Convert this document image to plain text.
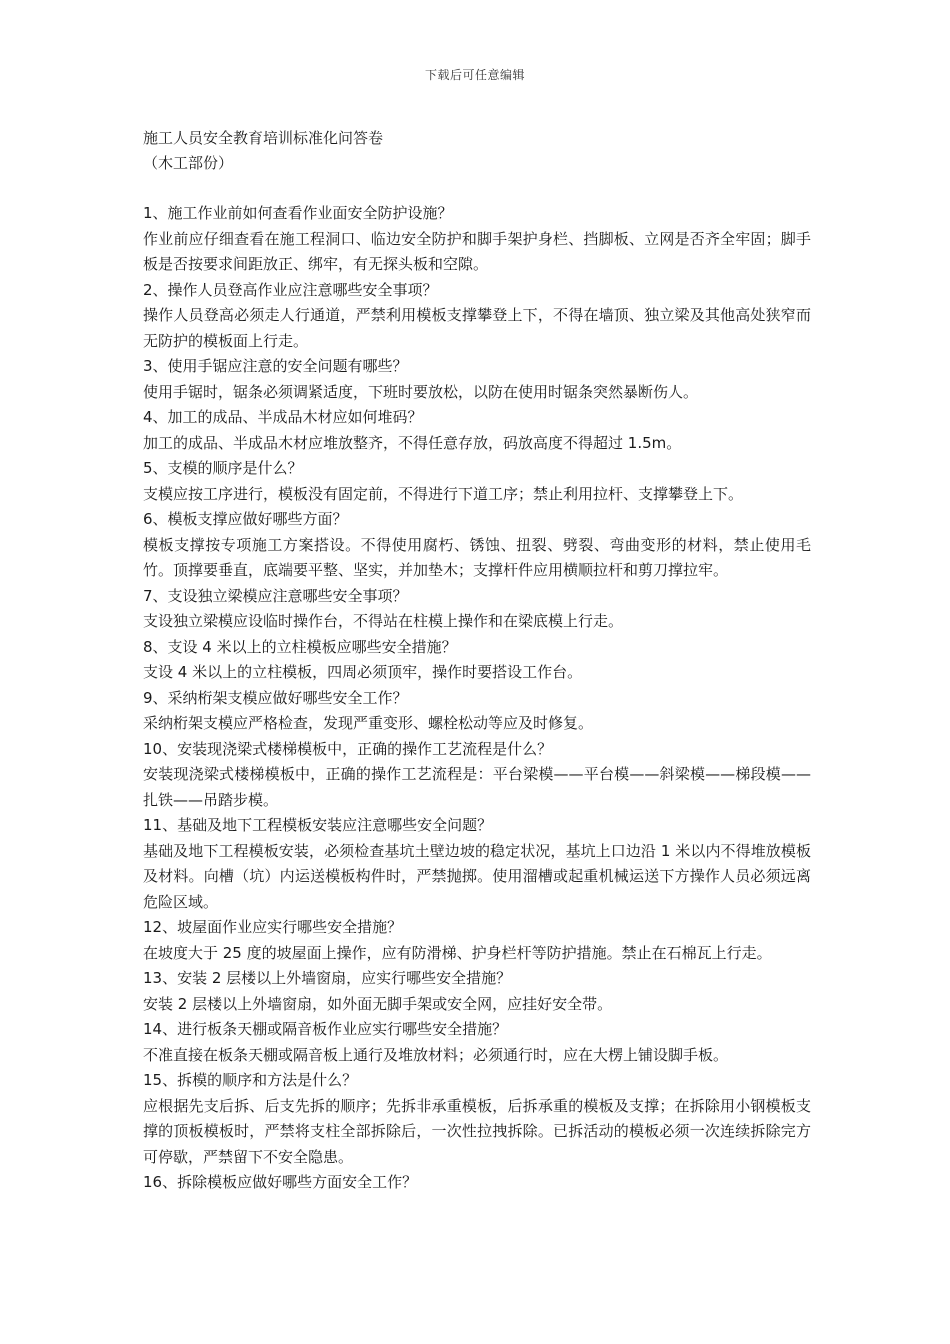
下载后可任意编辑

施工人员安全教育培训标准化问答卷

（木工部份）

1、施工作业前如何查看作业面安全防护设施？

作业前应仔细查看在施工程洞口、临边安全防护和脚手架护身栏、挡脚板、立网是否齐全牢固；脚手板是否按要求间距放正、绑牢，有无探头板和空隙。

2、操作人员登高作业应注意哪些安全事项？

操作人员登高必须走人行通道，严禁利用模板支撑攀登上下，不得在墙顶、独立梁及其他高处狭窄而无防护的模板面上行走。

3、使用手锯应注意的安全问题有哪些？

使用手锯时，锯条必须调紧适度，下班时要放松，以防在使用时锯条突然暴断伤人。

4、加工的成品、半成品木材应如何堆码？

加工的成品、半成品木材应堆放整齐，不得任意存放，码放高度不得超过 1.5m。

5、支模的顺序是什么？

支模应按工序进行，模板没有固定前，不得进行下道工序；禁止利用拉杆、支撑攀登上下。

6、模板支撑应做好哪些方面？

模板支撑按专项施工方案搭设。不得使用腐朽、锈蚀、扭裂、劈裂、弯曲变形的材料，禁止使用毛竹。顶撑要垂直，底端要平整、坚实，并加垫木；支撑杆件应用横顺拉杆和剪刀撑拉牢。

7、支设独立梁模应注意哪些安全事项？

支设独立梁模应设临时操作台，不得站在柱模上操作和在梁底模上行走。

8、支设 4 米以上的立柱模板应哪些安全措施？

支设 4 米以上的立柱模板，四周必须顶牢，操作时要搭设工作台。

9、采纳桁架支模应做好哪些安全工作？

采纳桁架支模应严格检查，发现严重变形、螺栓松动等应及时修复。

10、安装现浇梁式楼梯模板中，正确的操作工艺流程是什么？

安装现浇梁式楼梯模板中，正确的操作工艺流程是：平台梁模——平台模——斜梁模——梯段模——扎铁——吊踏步模。

11、基础及地下工程模板安装应注意哪些安全问题？

基础及地下工程模板安装，必须检查基坑土壁边坡的稳定状况，基坑上口边沿 1 米以内不得堆放模板及材料。向槽（坑）内运送模板构件时，严禁抛掷。使用溜槽或起重机械运送下方操作人员必须远离危险区域。

12、坡屋面作业应实行哪些安全措施？

在坡度大于 25 度的坡屋面上操作，应有防滑梯、护身栏杆等防护措施。禁止在石棉瓦上行走。

13、安装 2 层楼以上外墙窗扇，应实行哪些安全措施？

安装 2 层楼以上外墙窗扇，如外面无脚手架或安全网，应挂好安全带。

14、进行板条天棚或隔音板作业应实行哪些安全措施？

不准直接在板条天棚或隔音板上通行及堆放材料；必须通行时，应在大楞上铺设脚手板。

15、拆模的顺序和方法是什么？

应根据先支后拆、后支先拆的顺序；先拆非承重模板，后拆承重的模板及支撑；在拆除用小钢模板支撑的顶板模板时，严禁将支柱全部拆除后，一次性拉拽拆除。已拆活动的模板必须一次连续拆除完方可停歇，严禁留下不安全隐患。

16、拆除模板应做好哪些方面安全工作？
